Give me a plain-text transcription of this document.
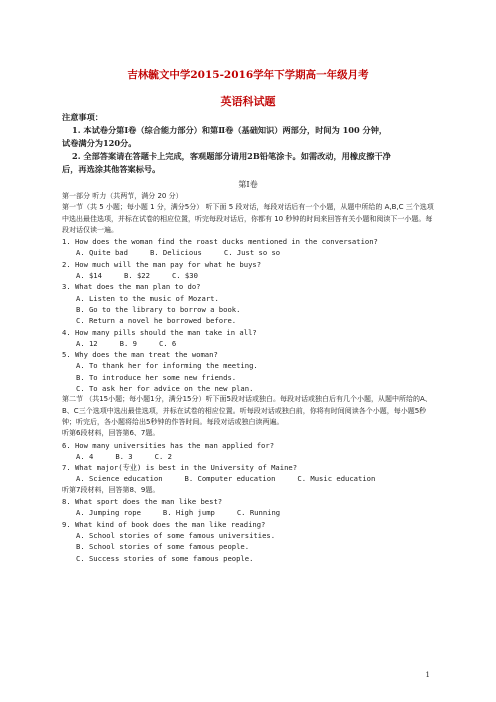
吉林毓文中学2015-2016学年下学期高一年级月考
英语科试题

注意事项：

1. 本试卷分第Ⅰ卷（综合能力部分）和第Ⅱ卷（基础知识）两部分，时间为 100 分钟，

试卷满分为120分。

2. 全部答案请在答题卡上完成，客观题部分请用2B铅笔涂卡。如需改动，用橡皮擦干净

后，再选涂其他答案标号。

第Ⅰ卷

第一部分 听力（共两节，满分 20 分）

第一节（共 5 小题；每小题 1 分，满分5分） 听下面 5 段对话，每段对话后有一个小题，从题中所给的 A,B,C 三个选项中选出最佳选项，并标在试卷的相应位置，听完每段对话后，你都有 10 秒钟的时间来回答有关小题和阅读下一小题。每段对话仅读一遍。

1. How does the woman find the roast ducks mentioned in the conversation?

A. Quite bad	B. Delicious	C. Just so so

2. How much will the man pay for what he buys?

A. $14	B. $22	C. $30

3. What does the man plan to do?

A. Listen to the music of Mozart.

B. Go to the library to borrow a book.

C. Return a novel he borrowed before.

4. How many pills should the man take in all?

A. 12	B. 9	C. 6

5. Why does the man treat the woman?

A. To thank her for informing the meeting.

B. To introduce her some new friends.

C. To ask her for advice on the new plan.

第二节 （共15小题；每小题1分，满分15分）听下面5段对话或独白。每段对话或独白后有几个小题，从题中所给的A、B、C三个选项中选出最佳选项，并标在试卷的相应位置。听每段对话或独白前，你将有时间阅读各个小题，每小题5秒钟；听完后，各小题将给出5秒钟的作答时间。每段对话或独白读两遍。

听第6段材料，回答第6、7题。

6. How many universities has the man applied for?

A. 4	B. 3	C. 2

7. What major(专业) is best in the University of Maine?

A. Science education	B. Computer education	C. Music education

听第7段材料，回答第8、9题。

8. What sport does the man like best?

A. Jumping rope	B. High jump	C. Running

9. What kind of book does the man like reading?

A. School stories of some famous universities.

B. School stories of some famous people.

C. Success stories of some famous people.

1
